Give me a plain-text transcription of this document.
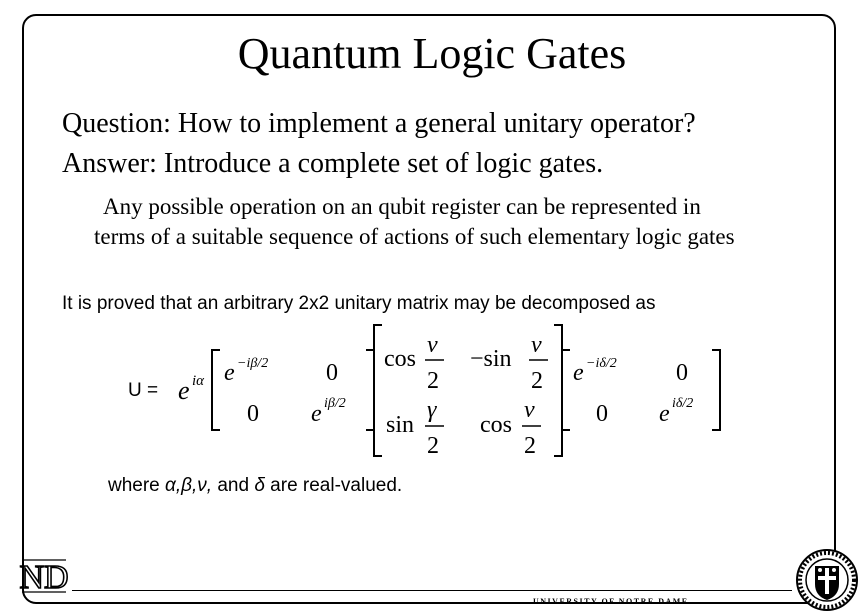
Quantum Logic Gates
Question: How to implement a general unitary operator?
Answer: Introduce a complete set of logic gates.
Any possible operation on an qubit register can be represented in
terms of a suitable sequence of actions of such elementary logic gates
It is proved that an arbitrary 2x2 unitary matrix may be decomposed as
U = e iα e −iβ/2 0
0 e iβ/2
cos
ν
2
−sin
ν
2
sin
γ
2
cos
ν
2
e −iδ/2 0
0 e iδ/2
where α,β,ν, and δ are real-valued.
UNIVERSITY OF NOTRE DAME
ND
